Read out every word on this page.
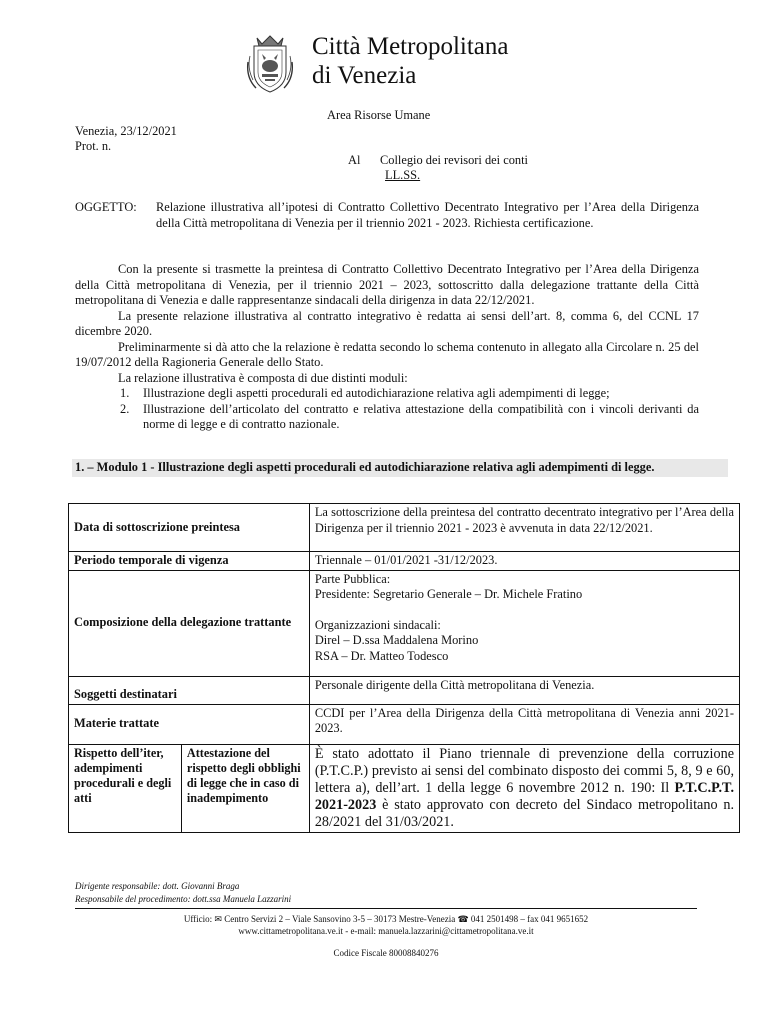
Città Metropolitana
di Venezia
Area Risorse Umane
Venezia, 23/12/2021
Prot. n.
Al Collegio dei revisori dei conti
LL.SS.
OGGETTO: Relazione illustrativa all’ipotesi di Contratto Collettivo Decentrato Integrativo per l’Area della Dirigenza della Città metropolitana di Venezia per il triennio 2021 - 2023. Richiesta certificazione.

Con la presente si trasmette la preintesa di Contratto Collettivo Decentrato Integrativo per l’Area della Dirigenza della Città metropolitana di Venezia, per il triennio 2021 – 2023, sottoscritto dalla delegazione trattante della Città metropolitana di Venezia e dalle rappresentanze sindacali della dirigenza in data 22/12/2021.

La presente relazione illustrativa al contratto integrativo è redatta ai sensi dell’art. 8, comma 6, del CCNL 17 dicembre 2020.

Preliminarmente si dà atto che la relazione è redatta secondo lo schema contenuto in allegato alla Circolare n. 25 del 19/07/2012 della Ragioneria Generale dello Stato.

La relazione illustrativa è composta di due distinti moduli:

1. Illustrazione degli aspetti procedurali ed autodichiarazione relativa agli adempimenti di legge;
2. Illustrazione dell’articolato del contratto e relativa attestazione della compatibilità con i vincoli derivanti da norme di legge e di contratto nazionale.
1. – Modulo 1 - Illustrazione degli aspetti procedurali ed autodichiarazione relativa agli adempimenti di legge.
Data di sottoscrizione preintesa		La sottoscrizione della preintesa del contratto decentrato integrativo per l’Area della Dirigenza per il triennio 2021 - 2023 è avvenuta in data 22/12/2021.
Periodo temporale di vigenza		Triennale – 01/01/2021 -31/12/2023.
Composizione della delegazione trattante		Parte Pubblica:
Presidente: Segretario Generale – Dr. Michele Fratino
Organizzazioni sindacali:
Direl – D.ssa Maddalena Morino
RSA – Dr. Matteo Todesco

Soggetti destinatari		Personale dirigente della Città metropolitana di Venezia.
Materie trattate		CCDI per l’Area della Dirigenza della Città metropolitana di Venezia anni 2021-2023.
Rispetto dell’iter, adempimenti procedurali e degli atti	Attestazione del rispetto degli obblighi di legge che in caso di inadempimento	È stato adottato il Piano triennale di prevenzione della corruzione (P.T.C.P.) previsto ai sensi del combinato disposto dei commi 5, 8, 9 e 60, lettera a), dell’art. 1 della legge 6 novembre 2012 n. 190: Il P.T.C.P.T. 2021-2023 è stato approvato con decreto del Sindaco metropolitano n. 28/2021 del 31/03/2021.
Dirigente responsabile: dott. Giovanni Braga
Responsabile del procedimento: dott.ssa Manuela Lazzarini
Ufficio: ✉ Centro Servizi 2 – Viale Sansovino 3-5 – 30173 Mestre-Venezia ☎ 041 2501498 – fax 041 9651652
www.cittametropolitana.ve.it - e-mail: manuela.lazzarini@cittametropolitana.ve.it
Codice Fiscale 80008840276
